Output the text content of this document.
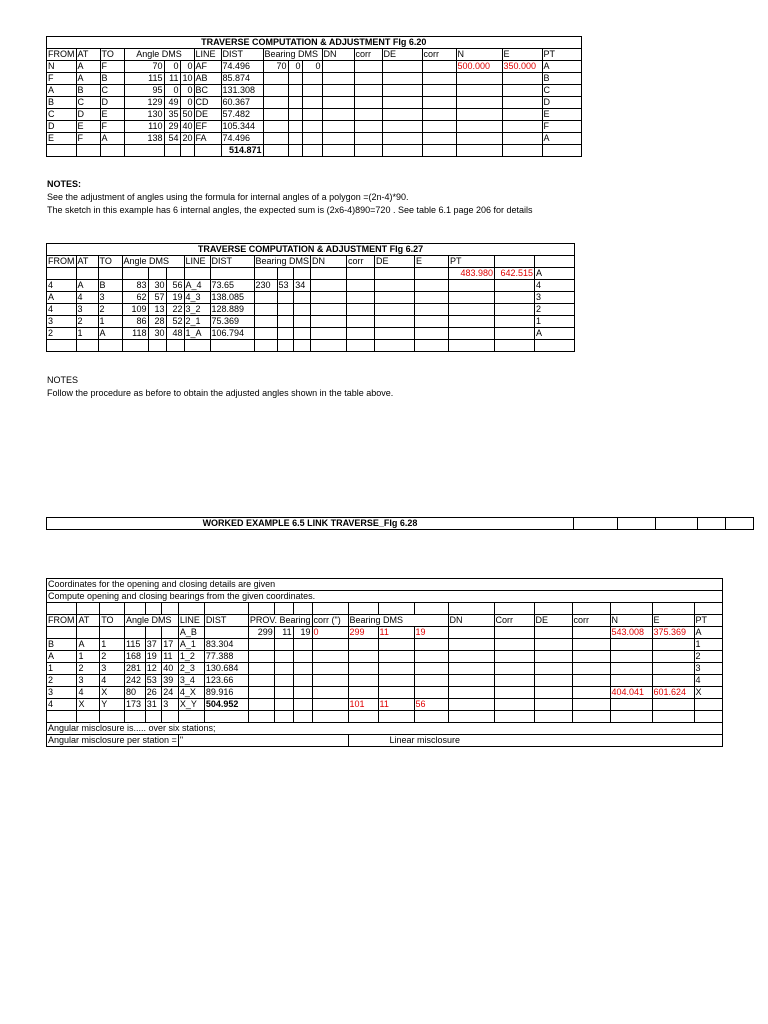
TRAVERSE COMPUTATION & ADJUSTMENT FIg 6.20																	
FROM	AT	TO	Angle DMS			LINE	DIST	Bearing DMS			DN	corr	DE	corr	N	E	PT
N	A	F	70	0	0	AF	74.496	70	0	0					500.000	350.000	A
F	A	B	115	11	10	AB	85.874										B
A	B	C	95	0	0	BC	131.308										C
B	C	D	129	49	0	CD	60.367										D
C	D	E	130	35	50	DE	57.482										E
D	E	F	110	29	40	EF	105.344										F
E	F	A	138	54	20	FA	74.496										A
							514.871										
NOTES:
See the adjustment of angles using the formula for internal angles of a polygon =(2n-4)*90.
The sketch in this example has 6 internal angles, the expected sum is (2x6-4)890=720 . See table 6.1 page 206 for details
TRAVERSE COMPUTATION & ADJUSTMENT FIg 6.27																	
FROM	AT	TO	Angle DMS			LINE	DIST	Bearing DMS			DN	corr	DE	E	PT		
															483.980	642.515	A
4	A	B	83	30	56	A_4	73.65	230	53	34							4
A	4	3	62	57	19	4_3	138.085										3
4	3	2	109	13	22	3_2	128.889										2
3	2	1	86	28	52	2_1	75.369										1
2	1	A	118	30	48	1_A	106.794										A

NOTES
Follow the procedure as before to obtain the adjusted angles shown in the table above.
WORKED EXAMPLE 6.5 LINK TRAVERSE_FIg 6.28					
Coordinates for the opening and closing details are given																					
Compute opening and closing bearings from the given coordinates.																					

FROM	AT	TO	Angle DMS			LINE	DIST	PROV. Bearing			corr (")	Bearing DMS			DN	Corr	DE	corr	N	E	PT
						A_B		299	11	19	0	299	11	19					543.008	375.369	A
B	A	1	115	37	17	A_1	83.304														1
A	1	2	168	19	11	1_2	77.388														2
1	2	3	281	12	40	2_3	130.684														3
2	3	4	242	53	39	3_4	123.66														4
3	4	X	80	26	24	4_X	89.916												404.041	601.624	X
4	X	Y	173	31	3	X_Y	504.952					101	11	56							

Angular misclosure is..... over six stations;																					
Angular misclosure per station =						"						Linear misclosure									
